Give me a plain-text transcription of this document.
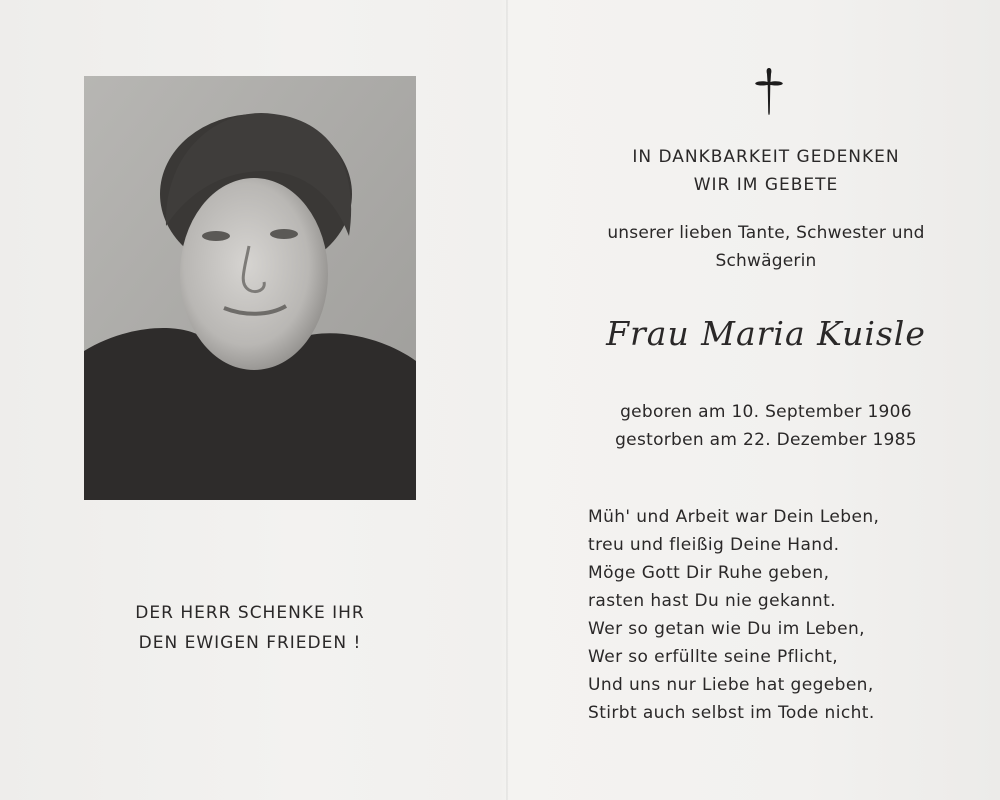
DER HERR SCHENKE IHR
DEN EWIGEN FRIEDEN !
IN DANKBARKEIT GEDENKEN
WIR IM GEBETE
unserer lieben Tante, Schwester und
Schwägerin
Frau Maria Kuisle
geboren am 10. September 1906
gestorben am 22. Dezember 1985
Müh' und Arbeit war Dein Leben,
treu und fleißig Deine Hand.
Möge Gott Dir Ruhe geben,
rasten hast Du nie gekannt.
Wer so getan wie Du im Leben,
Wer so erfüllte seine Pflicht,
Und uns nur Liebe hat gegeben,
Stirbt auch selbst im Tode nicht.
